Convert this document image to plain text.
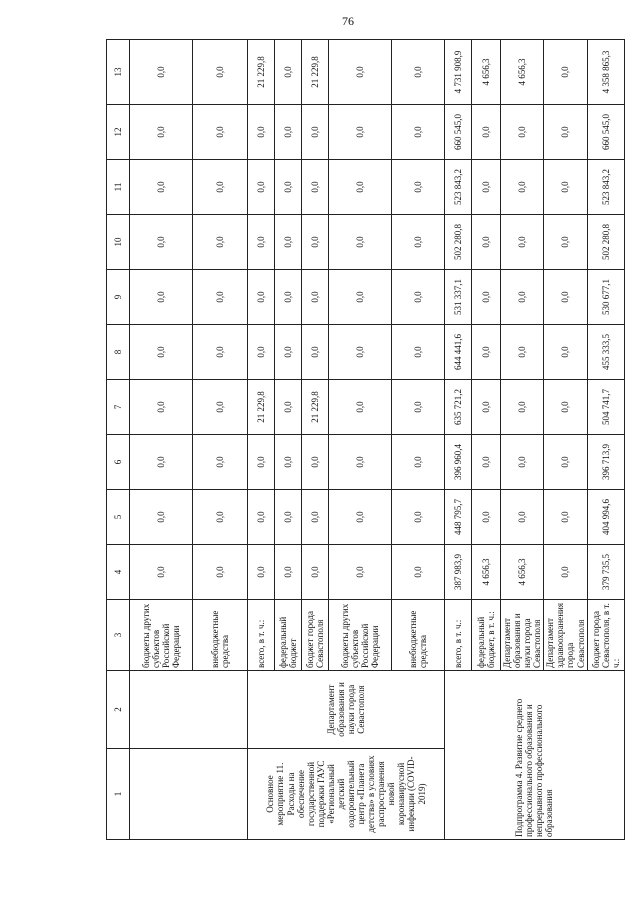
76
1	2	3	4	5	6	7	8	9	10	11	12	13
		бюджеты других субъектов Российской Федерации	0,0	0,0	0,0	0,0	0,0	0,0	0,0	0,0	0,0	0,0
		внебюджетные средства	0,0	0,0	0,0	0,0	0,0	0,0	0,0	0,0	0,0	0,0
Основное мероприятие 11. Расходы на обеспечение государственной поддержки ГАУС «Региональный детский оздоровительный центр «Планета детства» в условиях распространения новой коронавирусной инфекции (COVID-2019)	Департамент образования и науки города Севастополя	всего, в т. ч.:	0,0	0,0	0,0	21 229,8	0,0	0,0	0,0	0,0	0,0	21 229,8
		федеральный бюджет	0,0	0,0	0,0	0,0	0,0	0,0	0,0	0,0	0,0	0,0
		бюджет города Севастополя	0,0	0,0	0,0	21 229,8	0,0	0,0	0,0	0,0	0,0	21 229,8
		бюджеты других субъектов Российской Федерации	0,0	0,0	0,0	0,0	0,0	0,0	0,0	0,0	0,0	0,0
		внебюджетные средства	0,0	0,0	0,0	0,0	0,0	0,0	0,0	0,0	0,0	0,0
Подпрограмма 4. Развитие среднего профессионального образования и непрерывного профессионального образования		всего, в т. ч.:	387 983,9	448 795,7	396 960,4	635 721,2	644 441,6	531 337,1	502 280,8	523 843,2	660 545,0	4 731 908,9
		федеральный бюджет, в т. ч.:	4 656,3	0,0	0,0	0,0	0,0	0,0	0,0	0,0	0,0	4 656,3
		Департамент образования и науки города Севастополя	4 656,3	0,0	0,0	0,0	0,0	0,0	0,0	0,0	0,0	4 656,3
		Департамент здравоохранения города Севастополя	0,0	0,0	0,0	0,0	0,0	0,0	0,0	0,0	0,0	0,0
		бюджет города Севастополя, в т. ч.:	379 735,5	404 994,6	396 713,9	504 741,7	455 333,5	530 677,1	502 280,8	523 843,2	660 545,0	4 358 865,3
